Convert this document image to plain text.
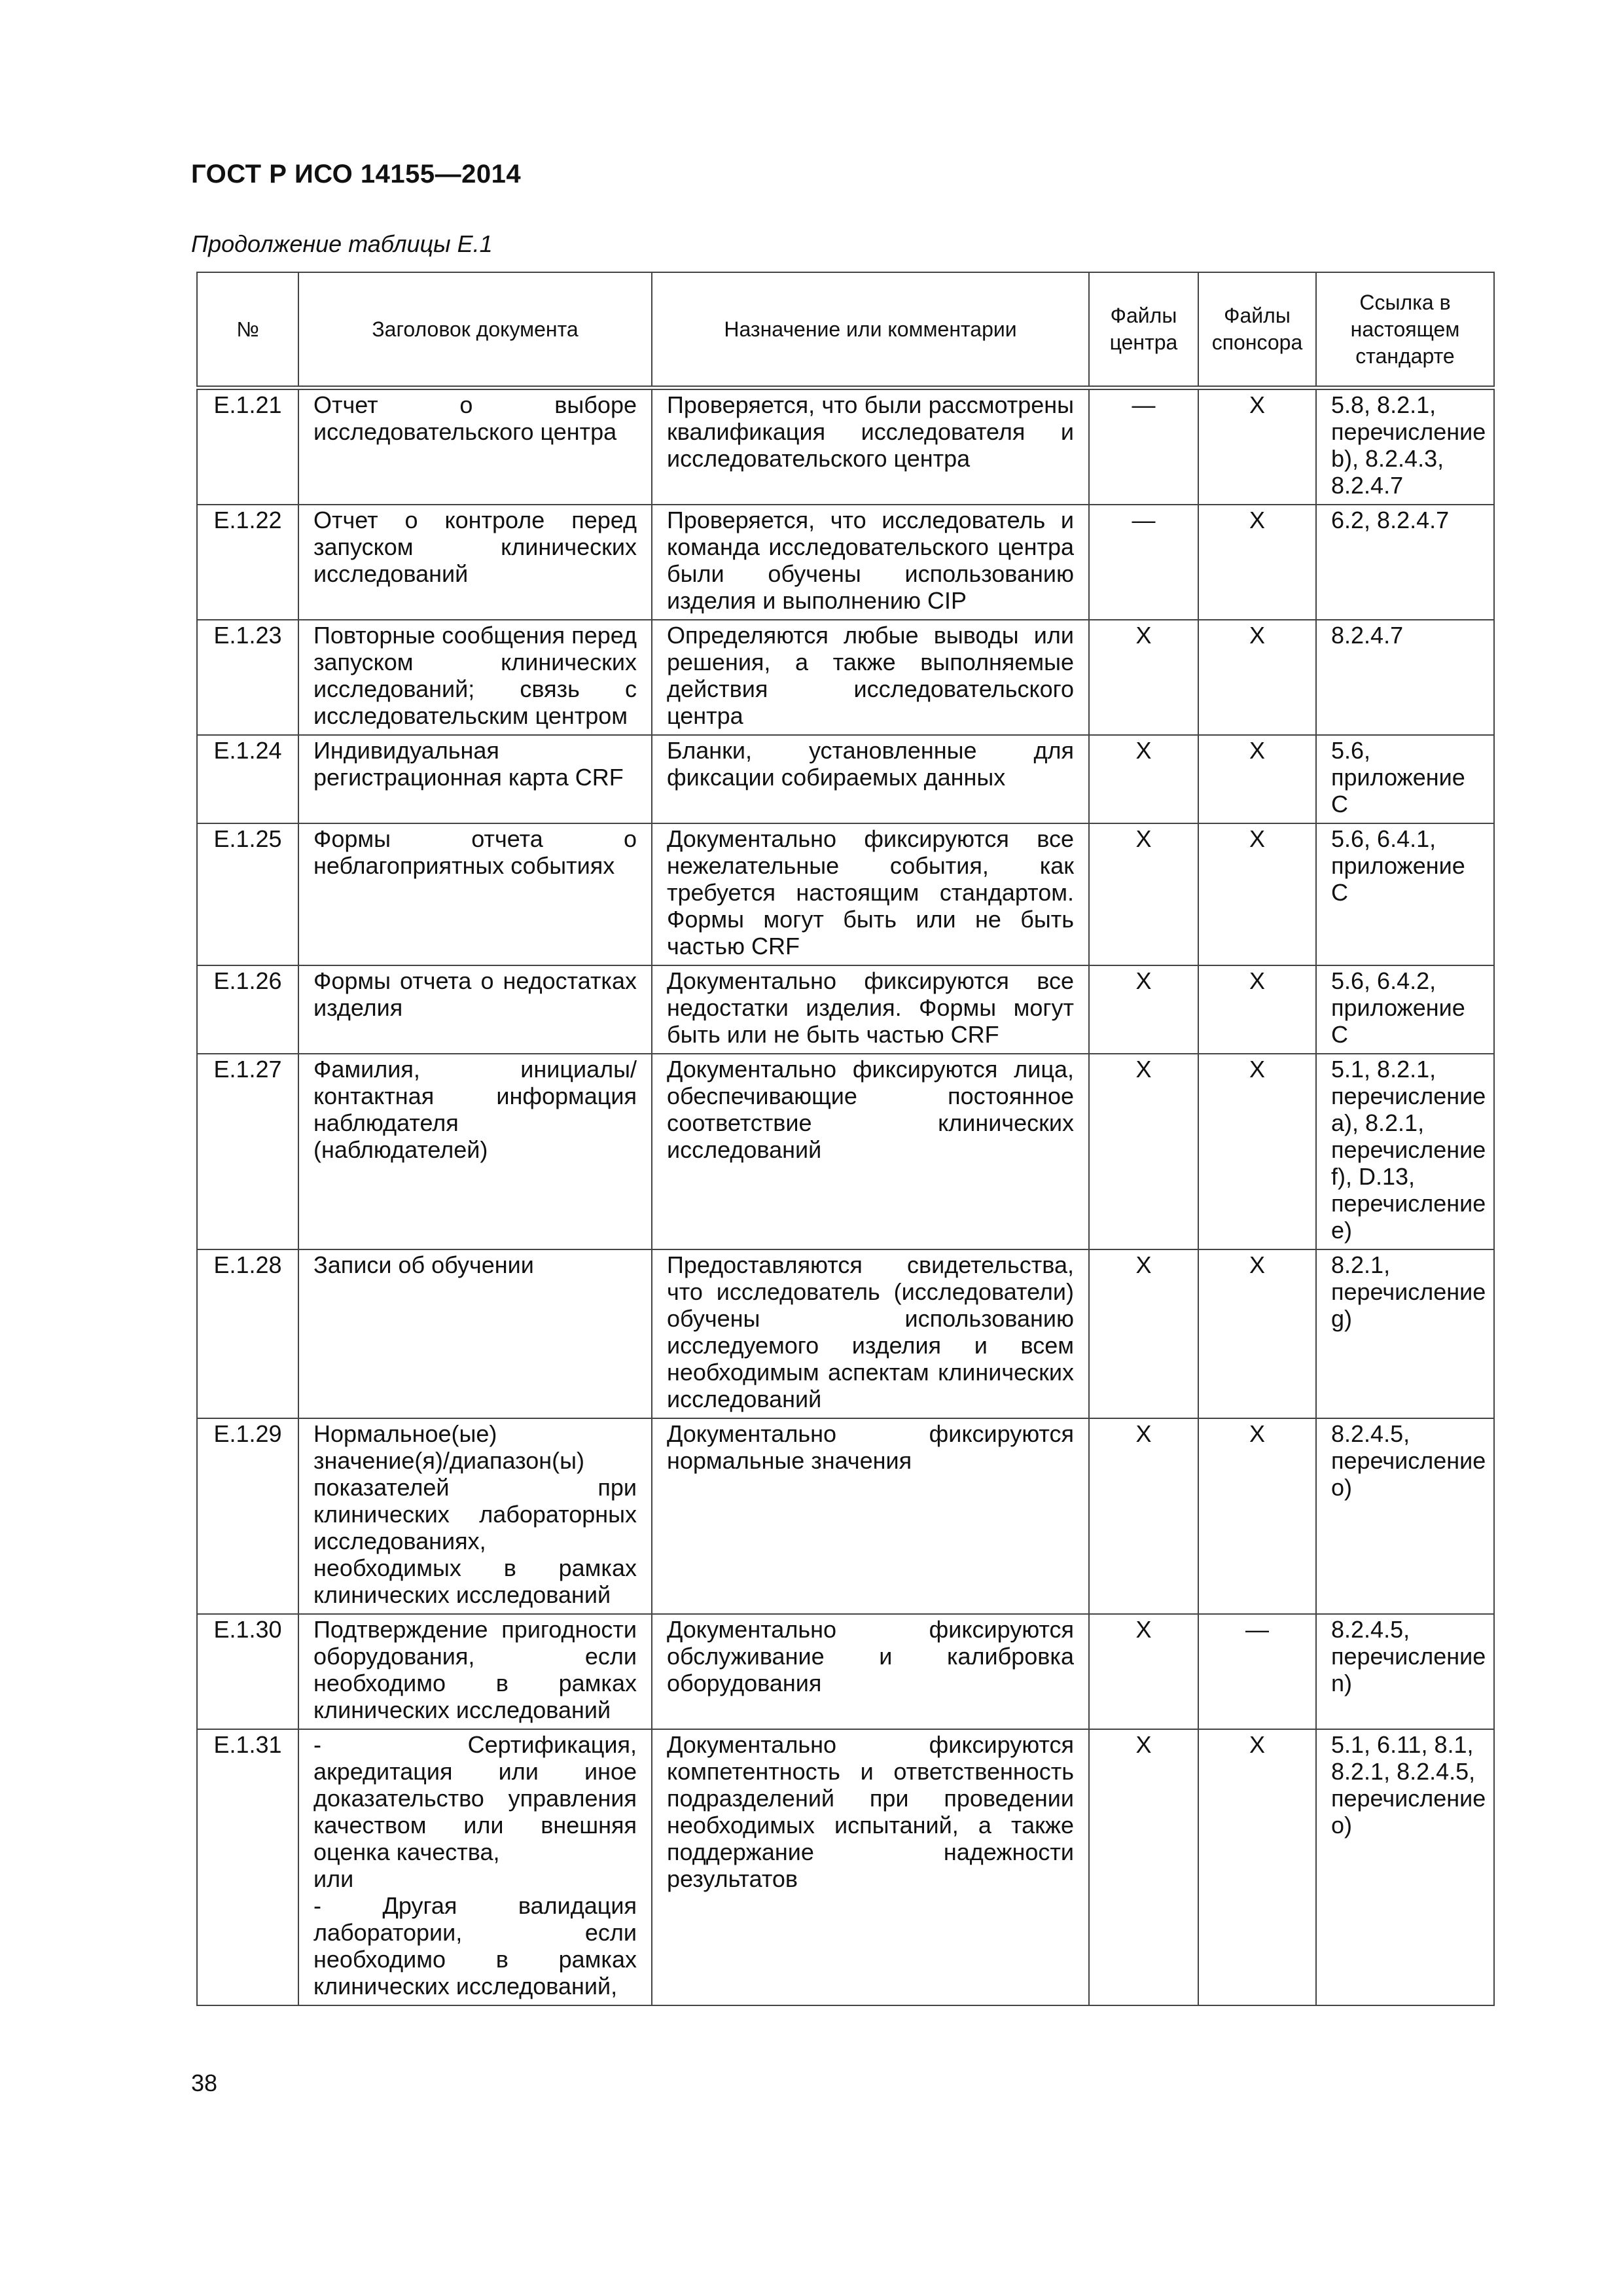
ГОСТ Р ИСО 14155—2014
Продолжение таблицы Е.1
№	Заголовок документа	Назначение или комментарии	Файлы центра	Файлы спонсора	Ссылка в настоящем стандарте
Е.1.21	Отчет о выборе исследовательского центра	Проверяется, что были рассмотрены квалификация исследователя и исследовательского центра	—	Х	5.8, 8.2.1, перечисление b), 8.2.4.3, 8.2.4.7
Е.1.22	Отчет о контроле перед запуском клинических исследований	Проверяется, что исследователь и команда исследовательского центра были обучены использованию изделия и выполнению CIP	—	Х	6.2, 8.2.4.7
Е.1.23	Повторные сообщения перед запуском клинических исследований; связь с исследовательским центром	Определяются любые выводы или решения, а также выполняемые действия исследовательского центра	Х	Х	8.2.4.7
Е.1.24	Индивидуальная регистрационная карта CRF	Бланки, установленные для фиксации собираемых данных	Х	Х	5.6, приложение С
Е.1.25	Формы отчета о неблагоприятных событиях	Документально фиксируются все нежелательные события, как требуется настоящим стандартом. Формы могут быть или не быть частью CRF	Х	Х	5.6, 6.4.1, приложение С
Е.1.26	Формы отчета о недостатках изделия	Документально фиксируются все недостатки изделия. Формы могут быть или не быть частью CRF	Х	Х	5.6, 6.4.2, приложение С
Е.1.27	Фамилия, инициалы/контактная информация наблюдателя (наблюдателей)	Документально фиксируются лица, обеспечивающие постоянное соответствие клинических исследований	Х	Х	5.1, 8.2.1, перечисление а), 8.2.1, перечисление f), D.13, перечисление е)
Е.1.28	Записи об обучении	Предоставляются свидетельства, что исследователь (исследователи) обучены использованию исследуемого изделия и всем необходимым аспектам клинических исследований	Х	Х	8.2.1, перечисление g)
Е.1.29	Нормальное(ые) значение(я)/диапазон(ы) показателей при клинических лабораторных исследованиях, необходимых в рамках клинических исследований	Документально фиксируются нормальные значения	Х	Х	8.2.4.5, перечисление о)
Е.1.30	Подтверждение пригодности оборудования, если необходимо в рамках клинических исследований	Документально фиксируются обслуживание и калибровка оборудования	Х	—	8.2.4.5, перечисление n)
Е.1.31	- Сертификация, акредитация или иное доказательство управления качеством или внешняя оценка качества,
или
- Другая валидация лаборатории, если необходимо в рамках клинических исследований,	Документально фиксируются компетентность и ответственность подразделений при проведении необходимых испытаний, а также поддержание надежности результатов	Х	Х	5.1, 6.11, 8.1, 8.2.1, 8.2.4.5, перечисление о)
38
